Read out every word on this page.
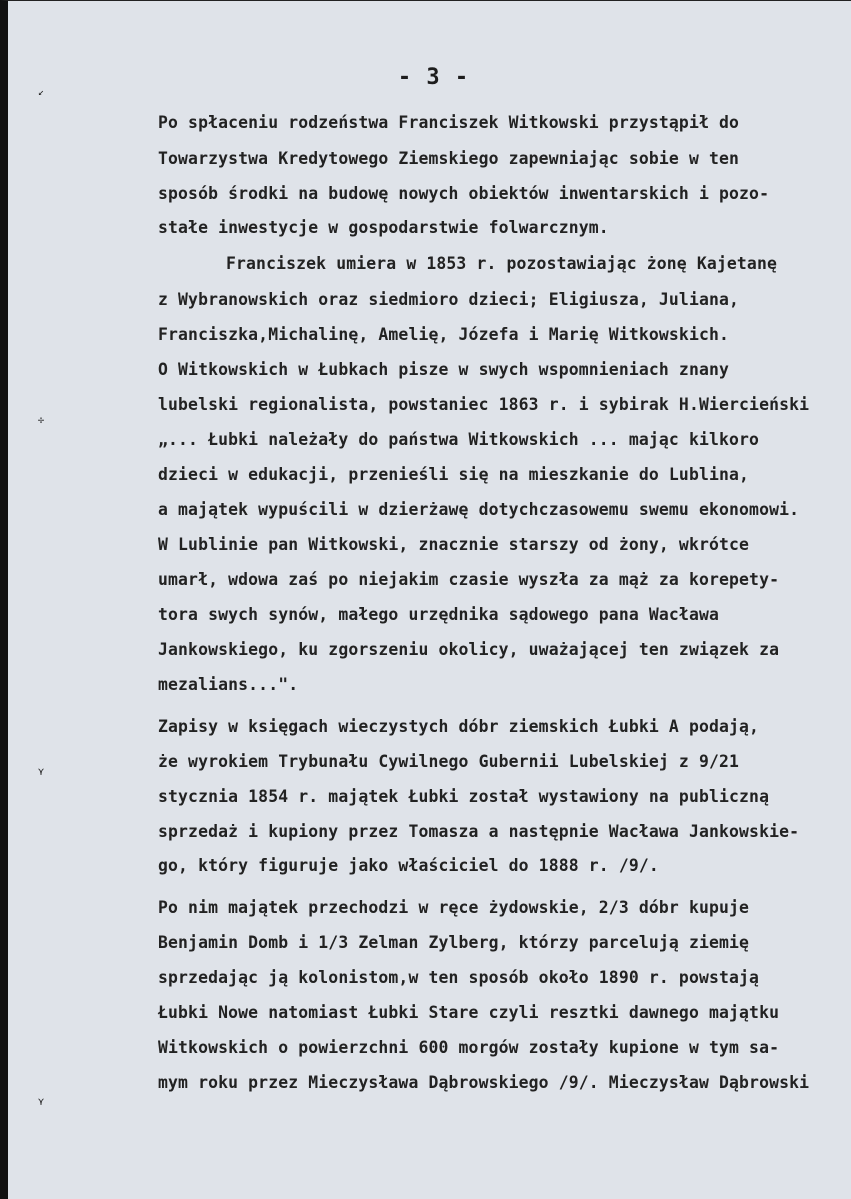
↙
✢
⋎
⋎
- 3 -
Po spłaceniu rodzeństwa Franciszek Witkowski przystąpił do
Towarzystwa Kredytowego Ziemskiego zapewniając sobie w ten
sposób środki na budowę nowych obiektów inwentarskich i pozo-
stałe inwestycje w gospodarstwie folwarcznym.
Franciszek umiera w 1853 r. pozostawiając żonę Kajetanę
z Wybranowskich oraz siedmioro dzieci; Eligiusza, Juliana,
Franciszka,Michalinę, Amelię, Józefa i Marię Witkowskich.
O Witkowskich w Łubkach pisze w swych wspomnieniach znany
lubelski regionalista, powstaniec 1863 r. i sybirak H.Wiercieński
„... Łubki należały do państwa Witkowskich ... mając kilkoro
dzieci w edukacji, przenieśli się na mieszkanie do Lublina,
a majątek wypuścili w dzierżawę dotychczasowemu swemu ekonomowi.
W Lublinie pan Witkowski, znacznie starszy od żony, wkrótce
umarł, wdowa zaś po niejakim czasie wyszła za mąż za korepety-
tora swych synów, małego urzędnika sądowego pana Wacława
Jankowskiego, ku zgorszeniu okolicy, uważającej ten związek za
mezalians...".
Zapisy w księgach wieczystych dóbr ziemskich Łubki A podają,
że wyrokiem Trybunału Cywilnego Gubernii Lubelskiej z 9/21
stycznia 1854 r. majątek Łubki został wystawiony na publiczną
sprzedaż i kupiony przez Tomasza a następnie Wacława Jankowskie-
go, który figuruje jako właściciel do 1888 r. /9/.
Po nim majątek przechodzi w ręce żydowskie, 2/3 dóbr kupuje
Benjamin Domb i 1/3 Zelman Zylberg, którzy parcelują ziemię
sprzedając ją kolonistom,w ten sposób około 1890 r. powstają
Łubki Nowe natomiast Łubki Stare czyli resztki dawnego majątku
Witkowskich o powierzchni 600 morgów zostały kupione w tym sa-
mym roku przez Mieczysława Dąbrowskiego /9/. Mieczysław Dąbrowski
